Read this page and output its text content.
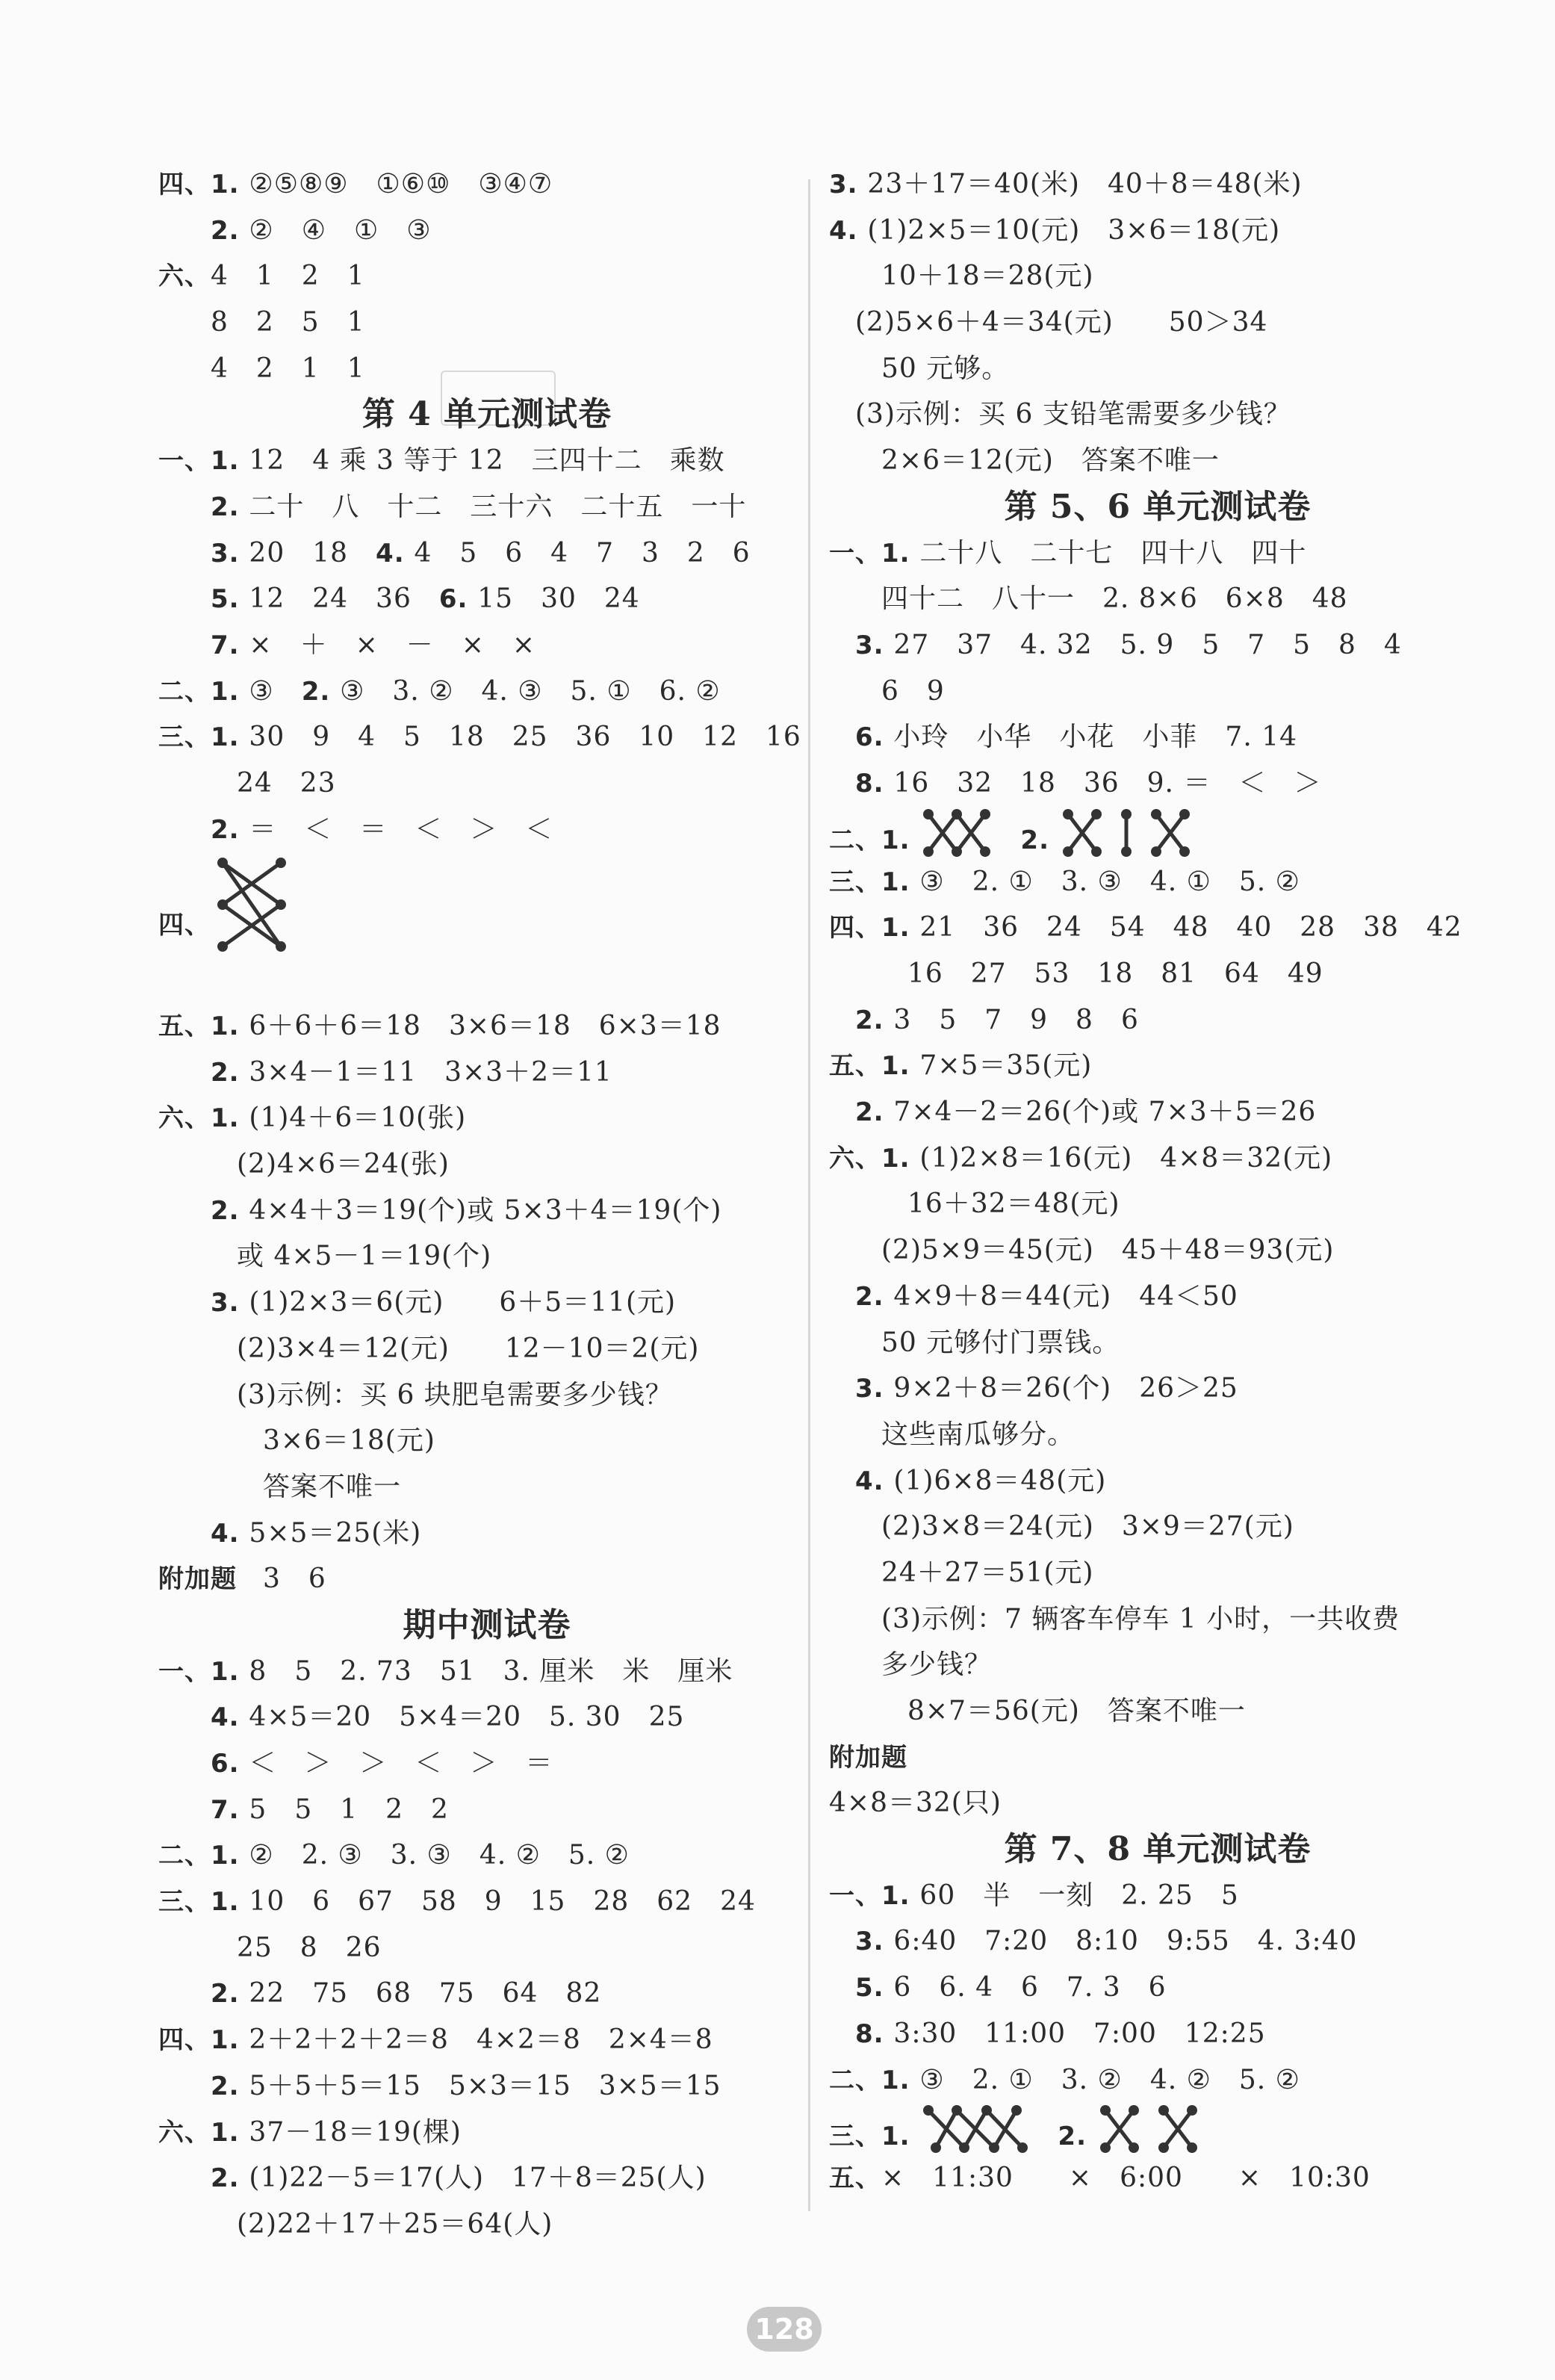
四、1. ②⑤⑧⑨　①⑥⑩　③④⑦
　　2. ②　④　①　③
六、4　1　2　1
　　8　2　5　1
　　4　2　1　1
第 4 单元测试卷
一、1. 12　4 乘 3 等于 12　三四十二　乘数
　　2. 二十　八　十二　三十六　二十五　一十
　　3. 20　18　4. 4　5　6　4　7　3　2　6
　　5. 12　24　36　6. 15　30　24
　　7. ×　＋　×　－　×　×
二、1. ③　2. ③　3. ②　4. ③　5. ①　6. ②
三、1. 30　9　4　5　18　25　36　10　12　16
　　　24　23
　　2. ＝　＜　＝　＜　＞　＜
四、
五、1. 6＋6＋6＝18　3×6＝18　6×3＝18
　　2. 3×4－1＝11　3×3＋2＝11
六、1. (1)4＋6＝10(张)
　　　(2)4×6＝24(张)
　　2. 4×4＋3＝19(个)或 5×3＋4＝19(个)
　　　或 4×5－1＝19(个)
　　3. (1)2×3＝6(元)　　6＋5＝11(元)
　　　(2)3×4＝12(元)　　12－10＝2(元)
　　　(3)示例：买 6 块肥皂需要多少钱？
　　　　3×6＝18(元)
　　　　答案不唯一
　　4. 5×5＝25(米)
附加题　3　6
期中测试卷
一、1. 8　5　2. 73　51　3. 厘米　米　厘米
　　4. 4×5＝20　5×4＝20　5. 30　25
　　6. ＜　＞　＞　＜　＞　＝
　　7. 5　5　1　2　2
二、1. ②　2. ③　3. ③　4. ②　5. ②
三、1. 10　6　67　58　9　15　28　62　24
　　　25　8　26
　　2. 22　75　68　75　64　82
四、1. 2＋2＋2＋2＝8　4×2＝8　2×4＝8
　　2. 5＋5＋5＝15　5×3＝15　3×5＝15
六、1. 37－18＝19(棵)
　　2. (1)22－5＝17(人)　17＋8＝25(人)
　　　(2)22＋17＋25＝64(人)
3. 23＋17＝40(米)　40＋8＝48(米)
4. (1)2×5＝10(元)　3×6＝18(元)
　　10＋18＝28(元)
　(2)5×6＋4＝34(元)　　50＞34
　　50 元够。
　(3)示例：买 6 支铅笔需要多少钱？
　　2×6＝12(元)　答案不唯一
第 5、6 单元测试卷
一、1. 二十八　二十七　四十八　四十
　　四十二　八十一　2. 8×6　6×8　48
　3. 27　37　4. 32　5. 9　5　7　5　8　4
　　6　9
　6. 小玲　小华　小花　小菲　7. 14
　8. 16　32　18　36　9. ＝　＜　＞
二、1.	　2.
三、1. ③　2. ①　3. ③　4. ①　5. ②
四、1. 21　36　24　54　48　40　28　38　42
　　　16　27　53　18　81　64　49
　2. 3　5　7　9　8　6
五、1. 7×5＝35(元)
　2. 7×4－2＝26(个)或 7×3＋5＝26
六、1. (1)2×8＝16(元)　4×8＝32(元)
　　　16＋32＝48(元)
　　(2)5×9＝45(元)　45＋48＝93(元)
　2. 4×9＋8＝44(元)　44＜50
　　50 元够付门票钱。
　3. 9×2＋8＝26(个)　26＞25
　　这些南瓜够分。
　4. (1)6×8＝48(元)
　　(2)3×8＝24(元)　3×9＝27(元)
　　24＋27＝51(元)
　　(3)示例：7 辆客车停车 1 小时，一共收费
　　多少钱？
　　　8×7＝56(元)　答案不唯一
附加题
4×8＝32(只)
第 7、8 单元测试卷
一、1. 60　半　一刻　2. 25　5
　3. 6:40　7:20　8:10　9:55　4. 3:40
　5. 6　6. 4　6　7. 3　6
　8. 3:30　11:00　7:00　12:25
二、1. ③　2. ①　3. ②　4. ②　5. ②
三、1.	　2.
五、×　11:30　　×　6:00　　×　10:30
128
